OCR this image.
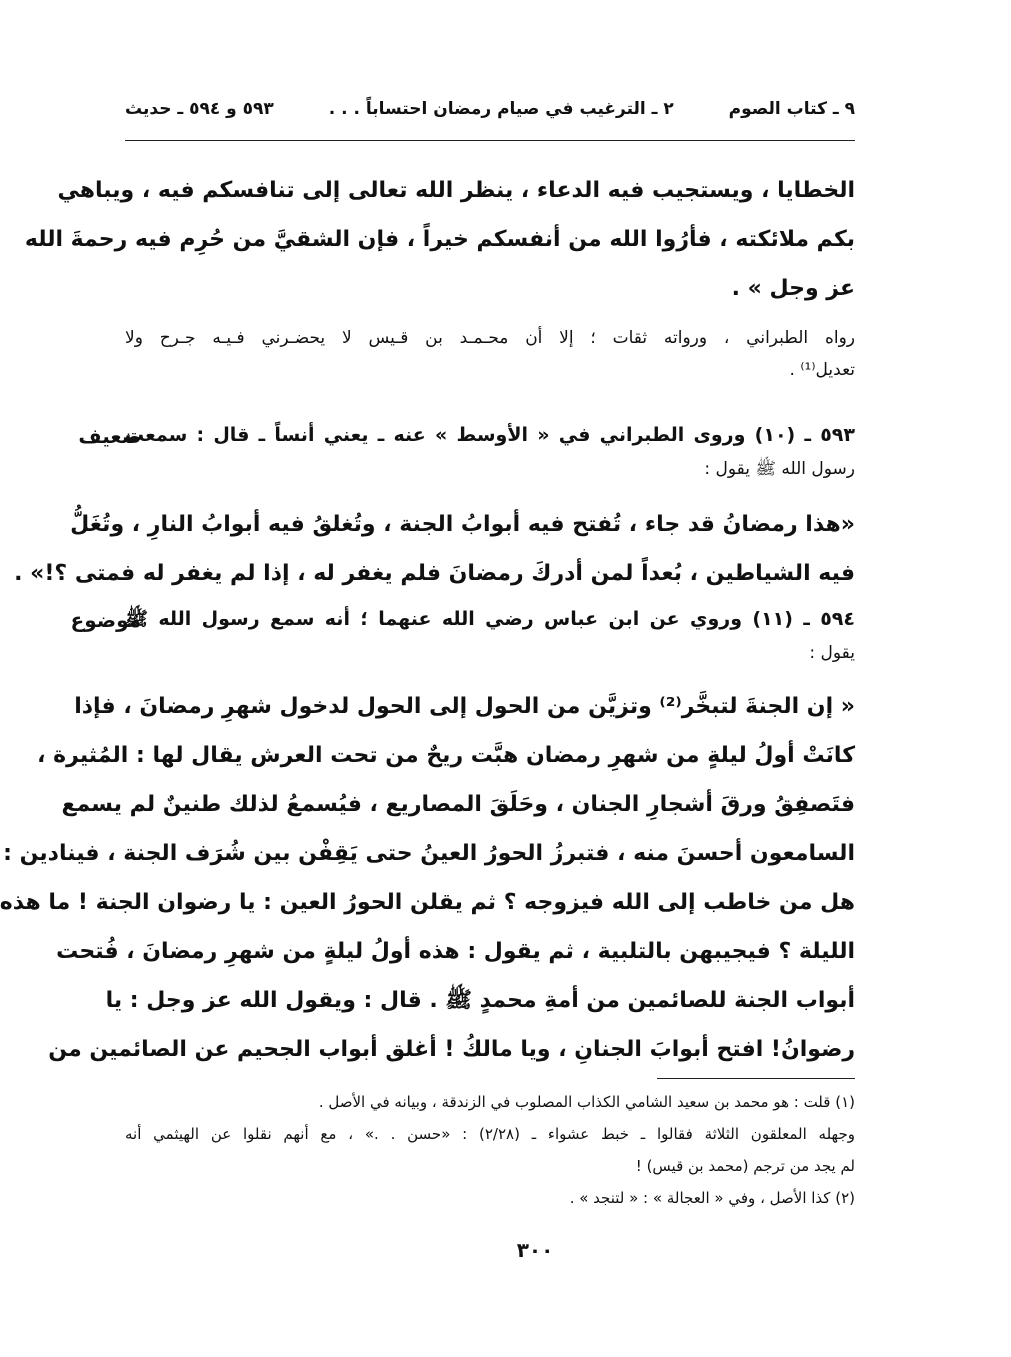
٩ ـ كتاب الصوم
٢ ـ الترغيب في صيام رمضان احتساباً . . .
٥٩٣ و ٥٩٤ ـ حديث
الخطايا ، ويستجيب فيه الدعاء ، ينظر الله تعالى إلى تنافسكم فيه ، ويباهي
بكم ملائكته ، فأرُوا الله من أنفسكم خيراً ، فإن الشقيَّ من حُرِم فيه رحمةَ الله
عز وجل » .
رواه الطبراني ، ورواته ثقات ؛ إلا أن محـمـد بن قـيس لا يحضـرني فـيـه جـرح ولا
تعديل⁽¹⁾ .
ضعيف
٥٩٣ ـ (١٠) وروى الطبراني في « الأوسط » عنه ـ يعني أنساً ـ قال : سمعت
رسول الله ﷺ يقول :
«هذا رمضانُ قد جاء ، تُفتح فيه أبوابُ الجنة ، وتُغلقُ فيه أبوابُ النارِ ، وتُغَلُّ
فيه الشياطين ، بُعداً لمن أدركَ رمضانَ فلم يغفر له ، إذا لم يغفر له فمتى ؟!» .
موضوع
٥٩٤ ـ (١١) وروي عن ابن عباس رضي الله عنهما ؛ أنه سمع رسول الله ﷺ
يقول :
« إن الجنةَ لتبخَّر⁽²⁾ وتزيَّن من الحول إلى الحول لدخول شهرِ رمضانَ ، فإذا
كانَتْ أولُ ليلةٍ من شهرِ رمضان هبَّت ريحٌ من تحت العرش يقال لها : المُثيرة ،
فتَصفِقُ ورقَ أشجارِ الجنان ، وحَلَقَ المصاريع ، فيُسمعُ لذلك طنينٌ لم يسمع
السامعون أحسنَ منه ، فتبرزُ الحورُ العينُ حتى يَقِفْن بين شُرَف الجنة ، فينادين :
هل من خاطب إلى الله فيزوجه ؟ ثم يقلن الحورُ العين : يا رضوان الجنة ! ما هذه
الليلة ؟ فيجيبهن بالتلبية ، ثم يقول : هذه أولُ ليلةٍ من شهرِ رمضانَ ، فُتحت
أبواب الجنة للصائمين من أمةِ محمدٍ ﷺ . قال : ويقول الله عز وجل : يا
رضوانُ! افتح أبوابَ الجنانِ ، ويا مالكُ ! أغلق أبواب الجحيم عن الصائمين من
(١) قلت : هو محمد بن سعيد الشامي الكذاب المصلوب في الزندقة ، وبيانه في الأصل .
وجهله المعلقون الثلاثة فقالوا ـ خبط عشواء ـ (٢/٢٨) : «حسن . .» ، مع أنهم نقلوا عن الهيثمي أنه
لم يجد من ترجم (محمد بن قيس) !
(٢) كذا الأصل ، وفي « العجالة » : « لتنجد » .
٣٠٠
